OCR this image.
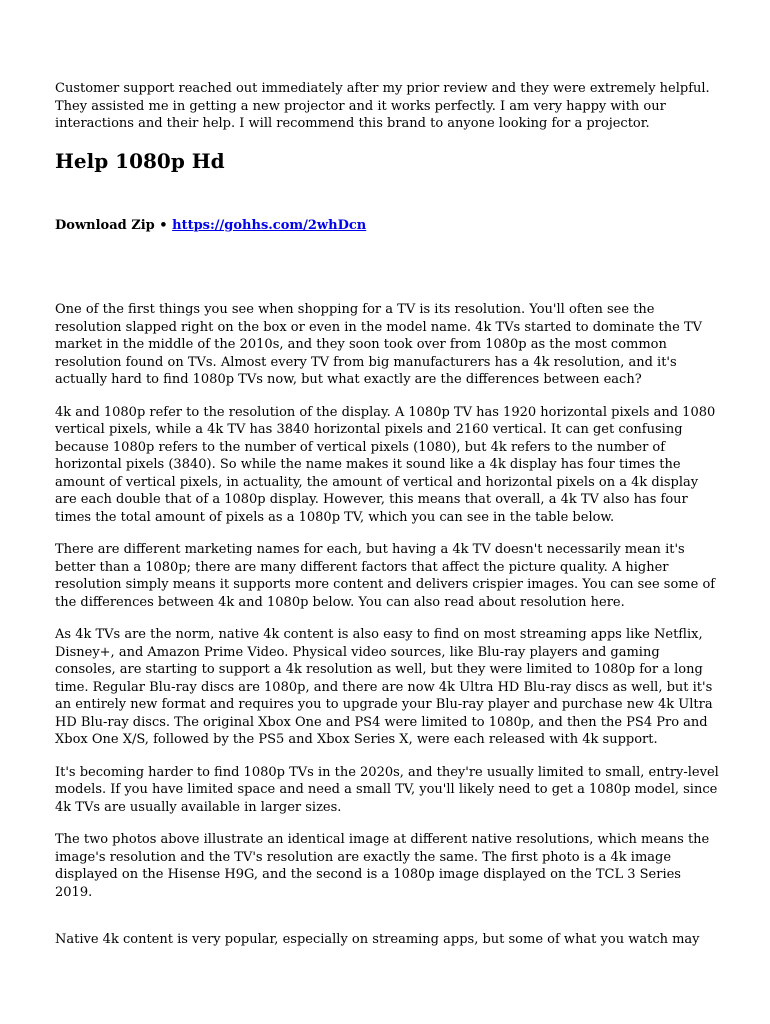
Customer support reached out immediately after my prior review and they were extremely helpful. They assisted me in getting a new projector and it works perfectly. I am very happy with our interactions and their help. I will recommend this brand to anyone looking for a projector.

Help 1080p Hd
Download Zip • https://gohhs.com/2whDcn

One of the first things you see when shopping for a TV is its resolution. You'll often see the resolution slapped right on the box or even in the model name. 4k TVs started to dominate the TV market in the middle of the 2010s, and they soon took over from 1080p as the most common resolution found on TVs. Almost every TV from big manufacturers has a 4k resolution, and it's actually hard to find 1080p TVs now, but what exactly are the differences between each?

4k and 1080p refer to the resolution of the display. A 1080p TV has 1920 horizontal pixels and 1080 vertical pixels, while a 4k TV has 3840 horizontal pixels and 2160 vertical. It can get confusing because 1080p refers to the number of vertical pixels (1080), but 4k refers to the number of horizontal pixels (3840). So while the name makes it sound like a 4k display has four times the amount of vertical pixels, in actuality, the amount of vertical and horizontal pixels on a 4k display are each double that of a 1080p display. However, this means that overall, a 4k TV also has four times the total amount of pixels as a 1080p TV, which you can see in the table below.

There are different marketing names for each, but having a 4k TV doesn't necessarily mean it's better than a 1080p; there are many different factors that affect the picture quality. A higher resolution simply means it supports more content and delivers crispier images. You can see some of the differences between 4k and 1080p below. You can also read about resolution here.

As 4k TVs are the norm, native 4k content is also easy to find on most streaming apps like Netflix, Disney+, and Amazon Prime Video. Physical video sources, like Blu-ray players and gaming consoles, are starting to support a 4k resolution as well, but they were limited to 1080p for a long time. Regular Blu-ray discs are 1080p, and there are now 4k Ultra HD Blu-ray discs as well, but it's an entirely new format and requires you to upgrade your Blu-ray player and purchase new 4k Ultra HD Blu-ray discs. The original Xbox One and PS4 were limited to 1080p, and then the PS4 Pro and Xbox One X/S, followed by the PS5 and Xbox Series X, were each released with 4k support.

It's becoming harder to find 1080p TVs in the 2020s, and they're usually limited to small, entry-level models. If you have limited space and need a small TV, you'll likely need to get a 1080p model, since 4k TVs are usually available in larger sizes.

The two photos above illustrate an identical image at different native resolutions, which means the image's resolution and the TV's resolution are exactly the same. The first photo is a 4k image displayed on the Hisense H9G, and the second is a 1080p image displayed on the TCL 3 Series 2019.

Native 4k content is very popular, especially on streaming apps, but some of what you watch may
